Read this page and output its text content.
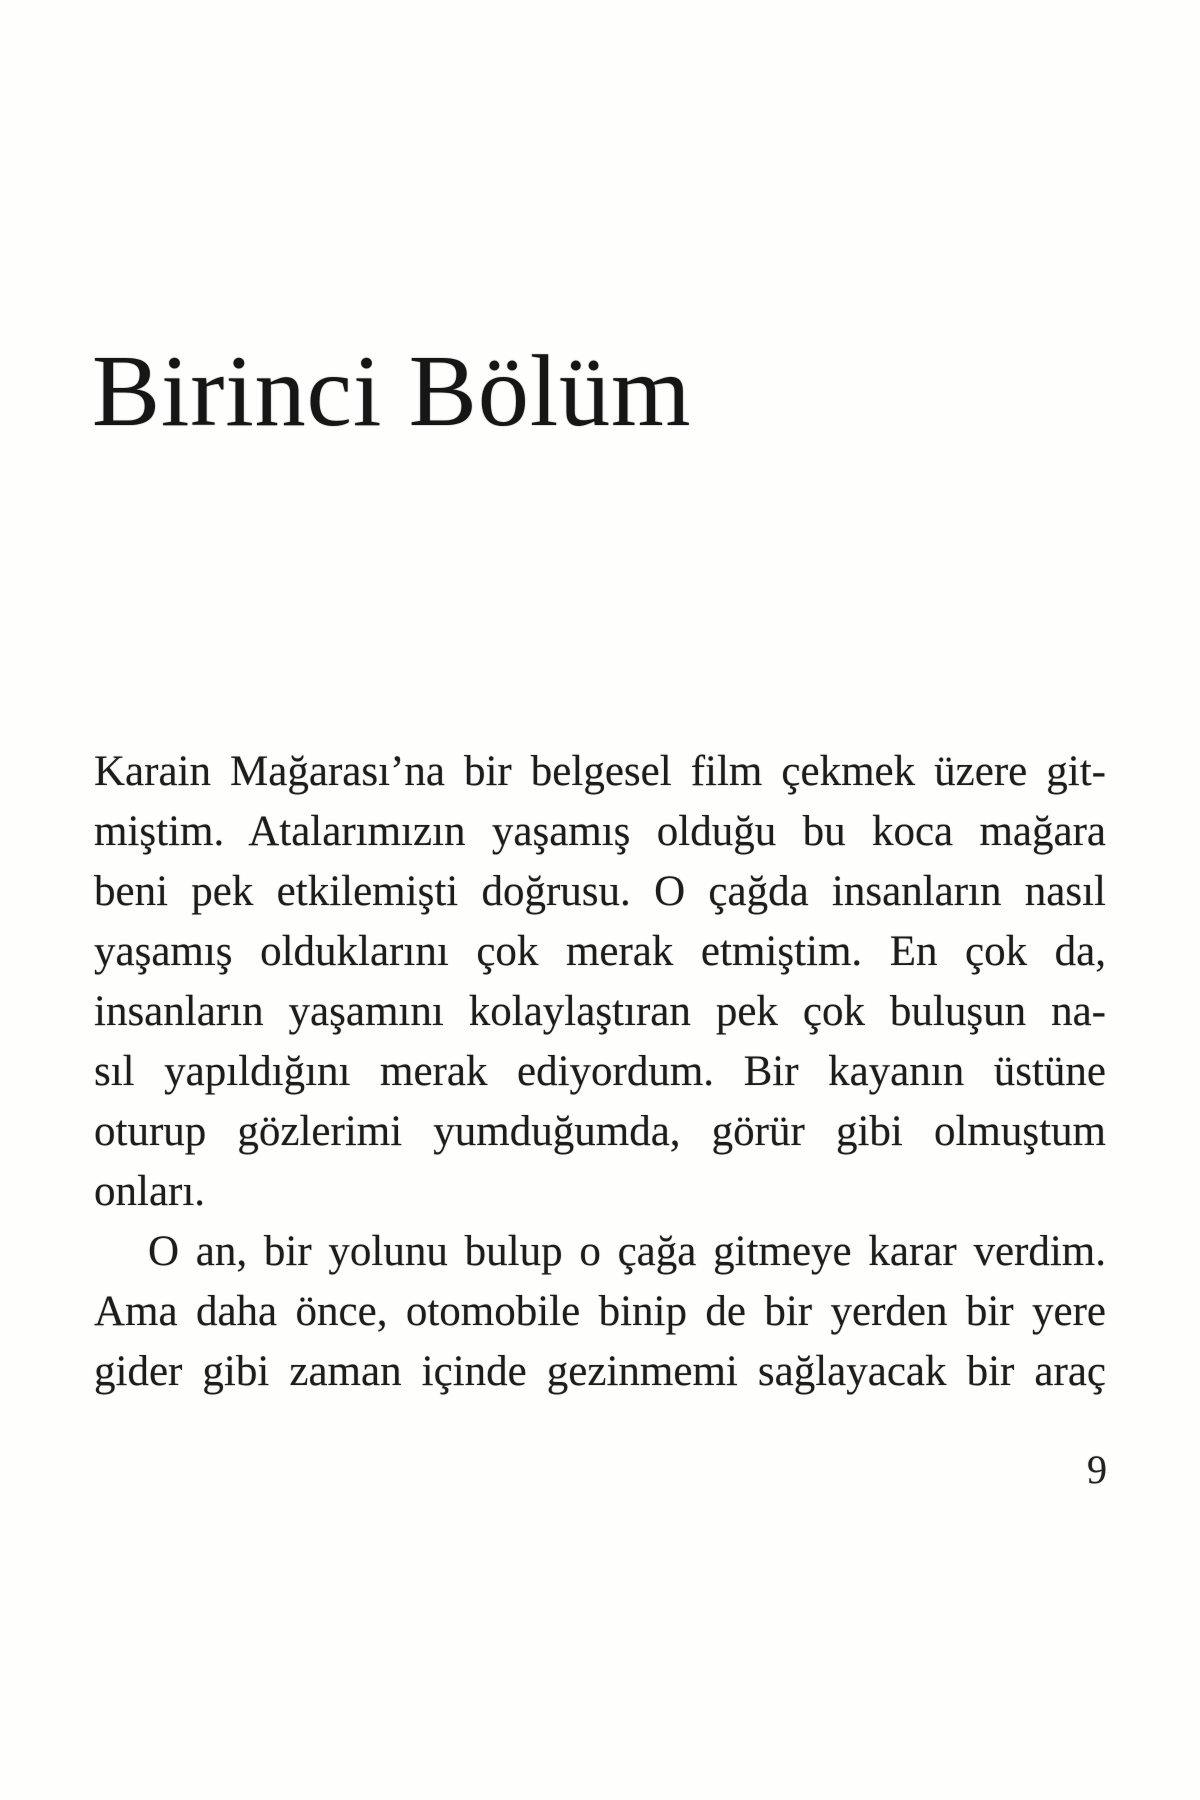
Birinci Bölüm
Karain Mağarası’na bir belgesel film çekmek üzere git-
miştim. Atalarımızın yaşamış olduğu bu koca mağara
beni pek etkilemişti doğrusu. O çağda insanların nasıl
yaşamış olduklarını çok merak etmiştim. En çok da,
insanların yaşamını kolaylaştıran pek çok buluşun na-
sıl yapıldığını merak ediyordum. Bir kayanın üstüne
oturup gözlerimi yumduğumda, görür gibi olmuştum
onları.
O an, bir yolunu bulup o çağa gitmeye karar verdim.
Ama daha önce, otomobile binip de bir yerden bir yere
gider gibi zaman içinde gezinmemi sağlayacak bir araç
9
